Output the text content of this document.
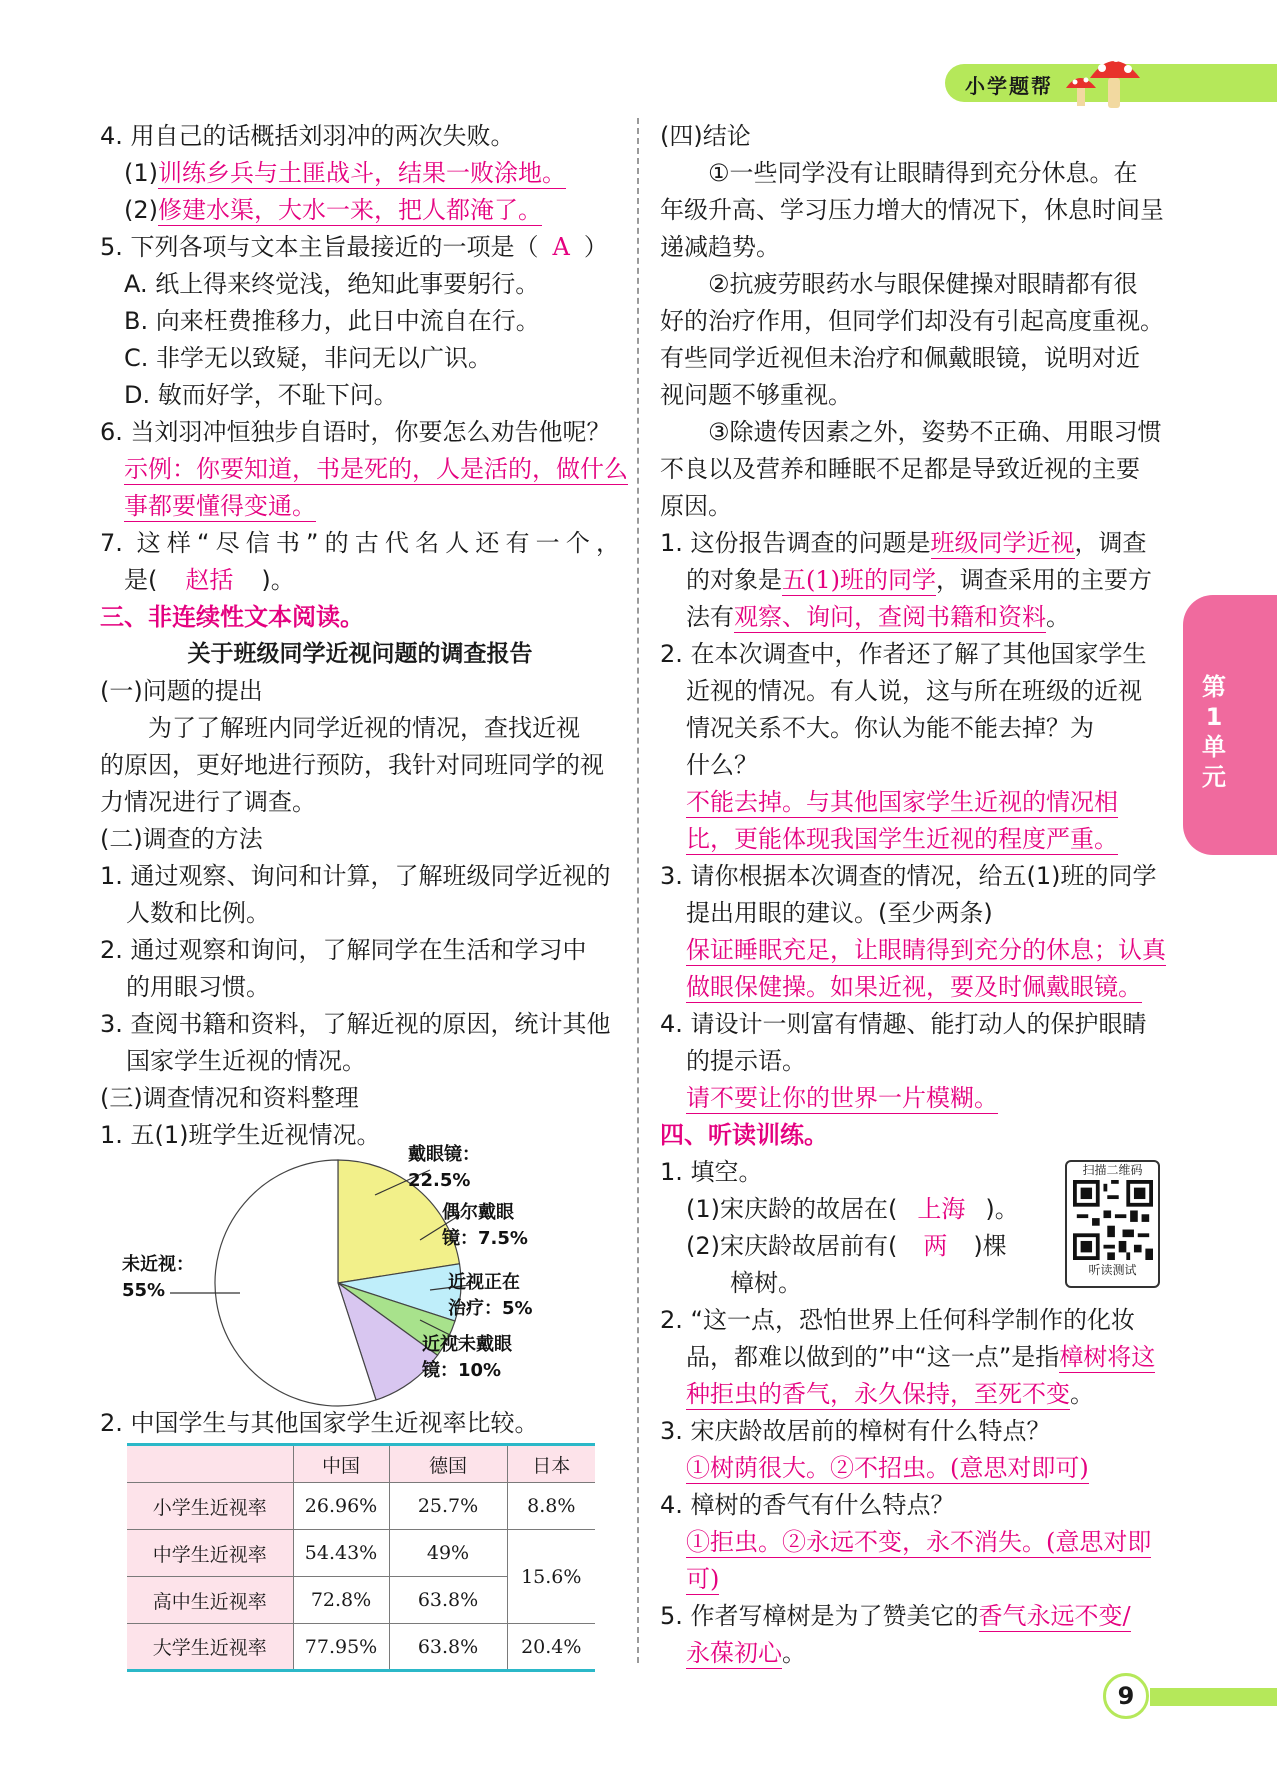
小学题帮
第1单元
4. 用自己的话概括刘羽冲的两次失败。
(1)训练乡兵与土匪战斗，结果一败涂地。
(2)修建水渠，大水一来，把人都淹了。
5. 下列各项与文本主旨最接近的一项是（ A ）
A. 纸上得来终觉浅，绝知此事要躬行。
B. 向来枉费推移力，此日中流自在行。
C. 非学无以致疑，非问无以广识。
D. 敏而好学，不耻下问。
6. 当刘羽冲恒独步自语时，你要怎么劝告他呢？
示例：你要知道，书是死的，人是活的，做什么
事都要懂得变通。
7. 这样“尽信书”的古代名人还有一个，
是( 赵括 )。
三、非连续性文本阅读。
关于班级同学近视问题的调查报告
(一)问题的提出
为了了解班内同学近视的情况，查找近视
的原因，更好地进行预防，我针对同班同学的视
力情况进行了调查。
(二)调查的方法
1. 通过观察、询问和计算，了解班级同学近视的
人数和比例。
2. 通过观察和询问，了解同学在生活和学习中
的用眼习惯。
3. 查阅书籍和资料，了解近视的原因，统计其他
国家学生近视的情况。
(三)调查情况和资料整理
1. 五(1)班学生近视情况。
戴眼镜：
22.5%
偶尔戴眼
镜：7.5%
近视正在
治疗：5%
近视未戴眼
镜：10%
未近视：
55%
2. 中国学生与其他国家学生近视率比较。
	中国	德国	日本
小学生近视率	26.96%	25.7%	8.8%
中学生近视率	54.43%	49%	15.6%
高中生近视率	72.8%	63.8%	
大学生近视率	77.95%	63.8%	20.4%
(四)结论
①一些同学没有让眼睛得到充分休息。在
年级升高、学习压力增大的情况下，休息时间呈
递减趋势。
②抗疲劳眼药水与眼保健操对眼睛都有很
好的治疗作用，但同学们却没有引起高度重视。
有些同学近视但未治疗和佩戴眼镜，说明对近
视问题不够重视。
③除遗传因素之外，姿势不正确、用眼习惯
不良以及营养和睡眠不足都是导致近视的主要
原因。
1. 这份报告调查的问题是班级同学近视，调查
的对象是五(1)班的同学，调查采用的主要方
法有观察、询问，查阅书籍和资料。
2. 在本次调查中，作者还了解了其他国家学生
近视的情况。有人说，这与所在班级的近视
情况关系不大。你认为能不能去掉？为
什么？
不能去掉。与其他国家学生近视的情况相
比，更能体现我国学生近视的程度严重。
3. 请你根据本次调查的情况，给五(1)班的同学
提出用眼的建议。(至少两条)
保证睡眠充足，让眼睛得到充分的休息；认真
做眼保健操。如果近视，要及时佩戴眼镜。
4. 请设计一则富有情趣、能打动人的保护眼睛
的提示语。
请不要让你的世界一片模糊。
四、听读训练。
1. 填空。
(1)宋庆龄的故居在( 上海 )。
(2)宋庆龄故居前有( 两 )棵
樟树。
2. “这一点，恐怕世界上任何科学制作的化妆
品，都难以做到的”中“这一点”是指樟树将这
种拒虫的香气，永久保持，至死不变。
3. 宋庆龄故居前的樟树有什么特点？
①树荫很大。②不招虫。(意思对即可)
4. 樟树的香气有什么特点？
①拒虫。②永远不变，永不消失。(意思对即
可)
5. 作者写樟树是为了赞美它的香气永远不变/
永葆初心。
扫描二维码
听读测试
9
